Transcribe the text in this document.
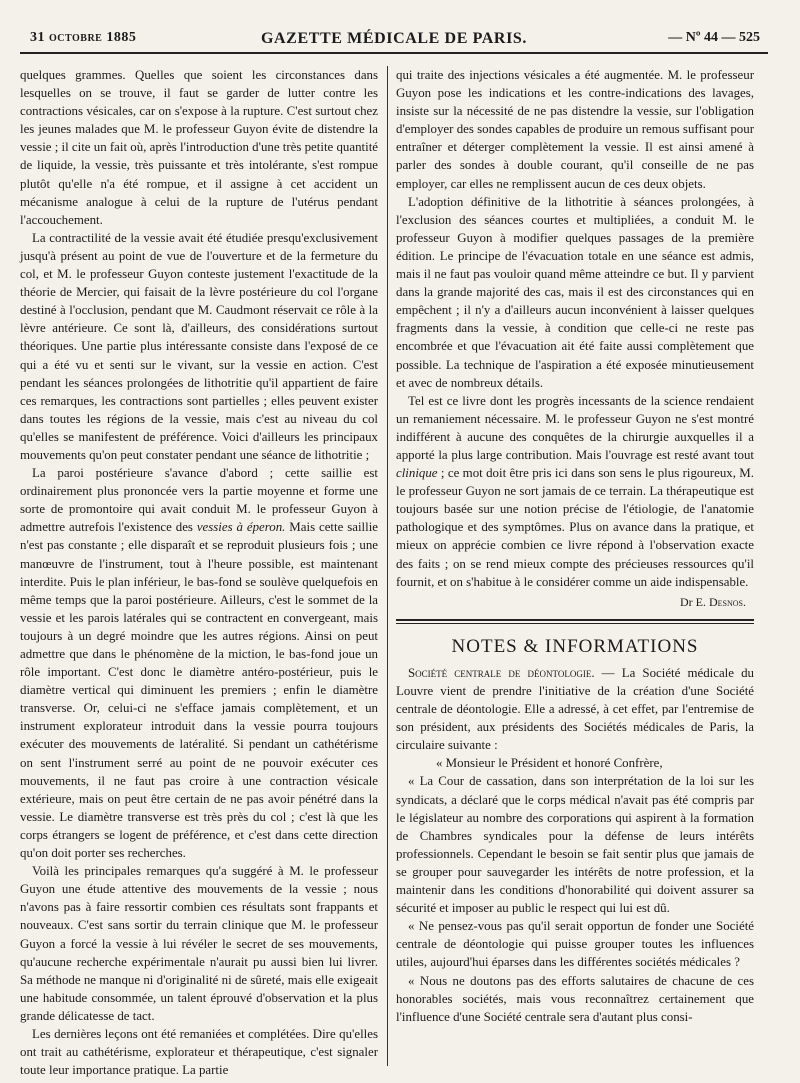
31 octobre 1885	GAZETTE MÉDICALE DE PARIS.	— Nº 44 — 525

quelques grammes. Quelles que soient les circonstances dans lesquelles on se trouve, il faut se garder de lutter contre les contractions vésicales, car on s'expose à la rupture. C'est surtout chez les jeunes malades que M. le professeur Guyon évite de distendre la vessie ; il cite un fait où, après l'introduction d'une très petite quantité de liquide, la vessie, très puissante et très intolérante, s'est rompue plutôt qu'elle n'a été rompue, et il assigne à cet accident un mécanisme analogue à celui de la rupture de l'utérus pendant l'accouchement.

La contractilité de la vessie avait été étudiée presqu'exclusivement jusqu'à présent au point de vue de l'ouverture et de la fermeture du col, et M. le professeur Guyon conteste justement l'exactitude de la théorie de Mercier, qui faisait de la lèvre postérieure du col l'organe destiné à l'occlusion, pendant que M. Caudmont réservait ce rôle à la lèvre antérieure. Ce sont là, d'ailleurs, des considérations surtout théoriques. Une partie plus intéressante consiste dans l'exposé de ce qui a été vu et senti sur le vivant, sur la vessie en action. C'est pendant les séances prolongées de lithotritie qu'il appartient de faire ces remarques, les contractions sont partielles ; elles peuvent exister dans toutes les régions de la vessie, mais c'est au niveau du col qu'elles se manifestent de préférence. Voici d'ailleurs les principaux mouvements qu'on peut constater pendant une séance de lithotritie ;

La paroi postérieure s'avance d'abord ; cette saillie est ordinairement plus prononcée vers la partie moyenne et forme une sorte de promontoire qui avait conduit M. le professeur Guyon à admettre autrefois l'existence des vessies à éperon. Mais cette saillie n'est pas constante ; elle disparaît et se reproduit plusieurs fois ; une manœuvre de l'instrument, tout à l'heure possible, est maintenant interdite. Puis le plan inférieur, le bas-fond se soulève quelquefois en même temps que la paroi postérieure. Ailleurs, c'est le sommet de la vessie et les parois latérales qui se contractent en convergeant, mais toujours à un degré moindre que les autres régions. Ainsi on peut admettre que dans le phénomène de la miction, le bas-fond joue un rôle important. C'est donc le diamètre antéro-postérieur, puis le diamètre vertical qui diminuent les premiers ; enfin le diamètre transverse. Or, celui-ci ne s'efface jamais complètement, et un instrument explorateur introduit dans la vessie pourra toujours exécuter des mouvements de latéralité. Si pendant un cathétérisme on sent l'instrument serré au point de ne pouvoir exécuter ces mouvements, il ne faut pas croire à une contraction vésicale extérieure, mais on peut être certain de ne pas avoir pénétré dans la vessie. Le diamètre transverse est très près du col ; c'est là que les corps étrangers se logent de préférence, et c'est dans cette direction qu'on doit porter ses recherches.

Voilà les principales remarques qu'a suggéré à M. le professeur Guyon une étude attentive des mouvements de la vessie ; nous n'avons pas à faire ressortir combien ces résultats sont frappants et nouveaux. C'est sans sortir du terrain clinique que M. le professeur Guyon a forcé la vessie à lui révéler le secret de ses mouvements, qu'aucune recherche expérimentale n'aurait pu aussi bien lui livrer. Sa méthode ne manque ni d'originalité ni de sûreté, mais elle exigeait une habitude consommée, un talent éprouvé d'observation et la plus grande délicatesse de tact.

Les dernières leçons ont été remaniées et complétées. Dire qu'elles ont trait au cathétérisme, explorateur et thérapeutique, c'est signaler toute leur importance pratique. La partie

qui traite des injections vésicales a été augmentée. M. le professeur Guyon pose les indications et les contre-indications des lavages, insiste sur la nécessité de ne pas distendre la vessie, sur l'obligation d'employer des sondes capables de produire un remous suffisant pour entraîner et déterger complètement la vessie. Il est ainsi amené à parler des sondes à double courant, qu'il conseille de ne pas employer, car elles ne remplissent aucun de ces deux objets.

L'adoption définitive de la lithotritie à séances prolongées, à l'exclusion des séances courtes et multipliées, a conduit M. le professeur Guyon à modifier quelques passages de la première édition. Le principe de l'évacuation totale en une séance est admis, mais il ne faut pas vouloir quand même atteindre ce but. Il y parvient dans la grande majorité des cas, mais il est des circonstances qui en empêchent ; il n'y a d'ailleurs aucun inconvénient à laisser quelques fragments dans la vessie, à condition que celle-ci ne reste pas encombrée et que l'évacuation ait été faite aussi complètement que possible. La technique de l'aspiration a été exposée minutieusement et avec de nombreux détails.

Tel est ce livre dont les progrès incessants de la science rendaient un remaniement nécessaire. M. le professeur Guyon ne s'est montré indifférent à aucune des conquêtes de la chirurgie auxquelles il a apporté la plus large contribution. Mais l'ouvrage est resté avant tout clinique ; ce mot doit être pris ici dans son sens le plus rigoureux, M. le professeur Guyon ne sort jamais de ce terrain. La thérapeutique est toujours basée sur une notion précise de l'étiologie, de l'anatomie pathologique et des symptômes. Plus on avance dans la pratique, et mieux on apprécie combien ce livre répond à l'observation exacte des faits ; on se rend mieux compte des précieuses ressources qu'il fournit, et on s'habitue à le considérer comme un aide indispensable.

Dr E. Desnos.
NOTES & INFORMATIONS

Société centrale de déontologie. — La Société médicale du Louvre vient de prendre l'initiative de la création d'une Société centrale de déontologie. Elle a adressé, à cet effet, par l'entremise de son président, aux présidents des Sociétés médicales de Paris, la circulaire suivante :

« Monsieur le Président et honoré Confrère,

« La Cour de cassation, dans son interprétation de la loi sur les syndicats, a déclaré que le corps médical n'avait pas été compris par le législateur au nombre des corporations qui aspirent à la formation de Chambres syndicales pour la défense de leurs intérêts professionnels. Cependant le besoin se fait sentir plus que jamais de se grouper pour sauvegarder les intérêts de notre profession, et la maintenir dans les conditions d'honorabilité qui doivent assurer sa sécurité et imposer au public le respect qui lui est dû.

« Ne pensez-vous pas qu'il serait opportun de fonder une Société centrale de déontologie qui puisse grouper toutes les influences utiles, aujourd'hui éparses dans les différentes sociétés médicales ?

« Nous ne doutons pas des efforts salutaires de chacune de ces honorables sociétés, mais vous reconnaîtrez certainement que l'influence d'une Société centrale sera d'autant plus consi-
